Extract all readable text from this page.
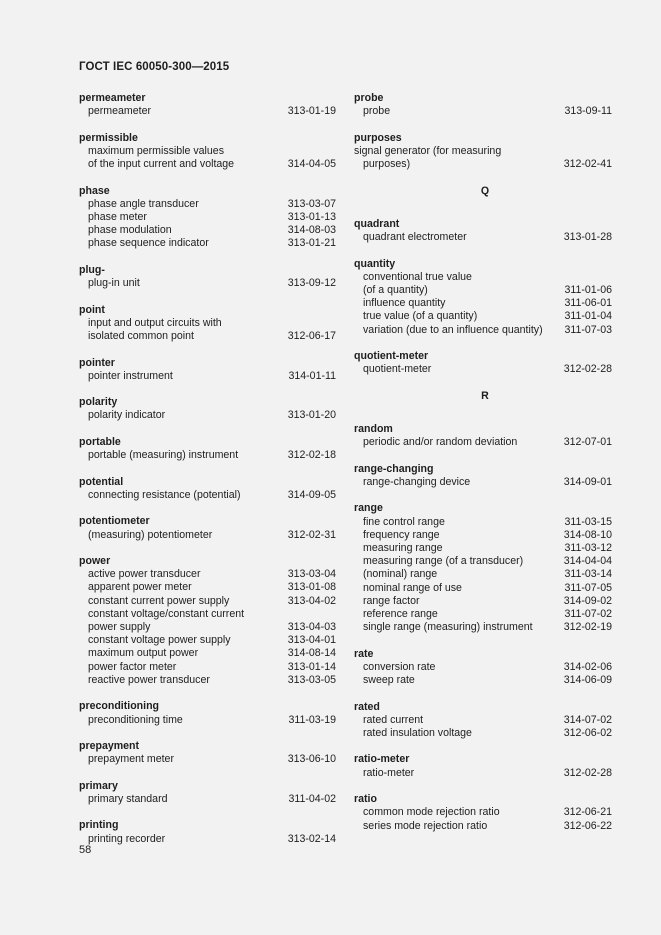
ГОСТ IEC 60050-300—2015
permeameter
permeameter	313-01-19
permissible
maximum permissible values
of the input current and voltage	314-04-05
phase
phase angle transducer	313-03-07
phase meter	313-01-13
phase modulation	314-08-03
phase sequence indicator	313-01-21
plug-
plug-in unit	313-09-12
point
input and output circuits with
isolated common point	312-06-17
pointer
pointer instrument	314-01-11
polarity
polarity indicator	313-01-20
portable
portable (measuring) instrument	312-02-18
potential
connecting resistance (potential)	314-09-05
potentiometer
(measuring) potentiometer	312-02-31
power
active power transducer	313-03-04
apparent power meter	313-01-08
constant current power supply	313-04-02
constant voltage/constant current
power supply	313-04-03
constant voltage power supply	313-04-01
maximum output power	314-08-14
power factor meter	313-01-14
reactive power transducer	313-03-05
preconditioning
preconditioning time	311-03-19
prepayment
prepayment meter	313-06-10
primary
primary standard	311-04-02
printing
printing recorder	313-02-14
probe
probe	313-09-11
purposes
signal generator (for measuring
purposes)	312-02-41
Q
quadrant
quadrant electrometer	313-01-28
quantity
conventional true value
(of a quantity)	311-01-06
influence quantity	311-06-01
true value (of a quantity)	311-01-04
variation (due to an influence quantity) 311-07-03
quotient-meter
quotient-meter	312-02-28
R
random
periodic and/or random deviation	312-07-01
range-changing
range-changing device	314-09-01
range
fine control range	311-03-15
frequency range	314-08-10
measuring range	311-03-12
measuring range (of a transducer)	314-04-04
(nominal) range	311-03-14
nominal range of use	311-07-05
range factor	314-09-02
reference range	311-07-02
single range (measuring) instrument	312-02-19
rate
conversion rate	314-02-06
sweep rate	314-06-09
rated
rated current	314-07-02
rated insulation voltage	312-06-02
ratio-meter
ratio-meter	312-02-28
ratio
common mode rejection ratio	312-06-21
series mode rejection ratio	312-06-22
58
